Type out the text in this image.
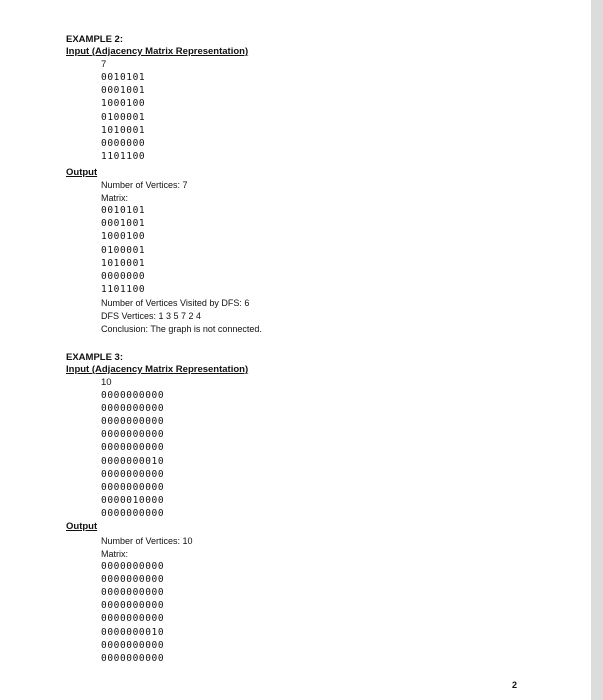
EXAMPLE 2:
Input (Adjacency Matrix Representation)
7
0010101
0001001
1000100
0100001
1010001
0000000
1101100
Output
Number of Vertices: 7
Matrix:
0010101
0001001
1000100
0100001
1010001
0000000
1101100
Number of Vertices Visited by DFS: 6
DFS Vertices: 1 3 5 7 2 4
Conclusion: The graph is not connected.
EXAMPLE 3:
Input (Adjacency Matrix Representation)
10
0000000000
0000000000
0000000000
0000000000
0000000000
0000000010
0000000000
0000000000
0000010000
0000000000
Output
Number of Vertices: 10
Matrix:
0000000000
0000000000
0000000000
0000000000
0000000000
0000000010
0000000000
0000000000
2
